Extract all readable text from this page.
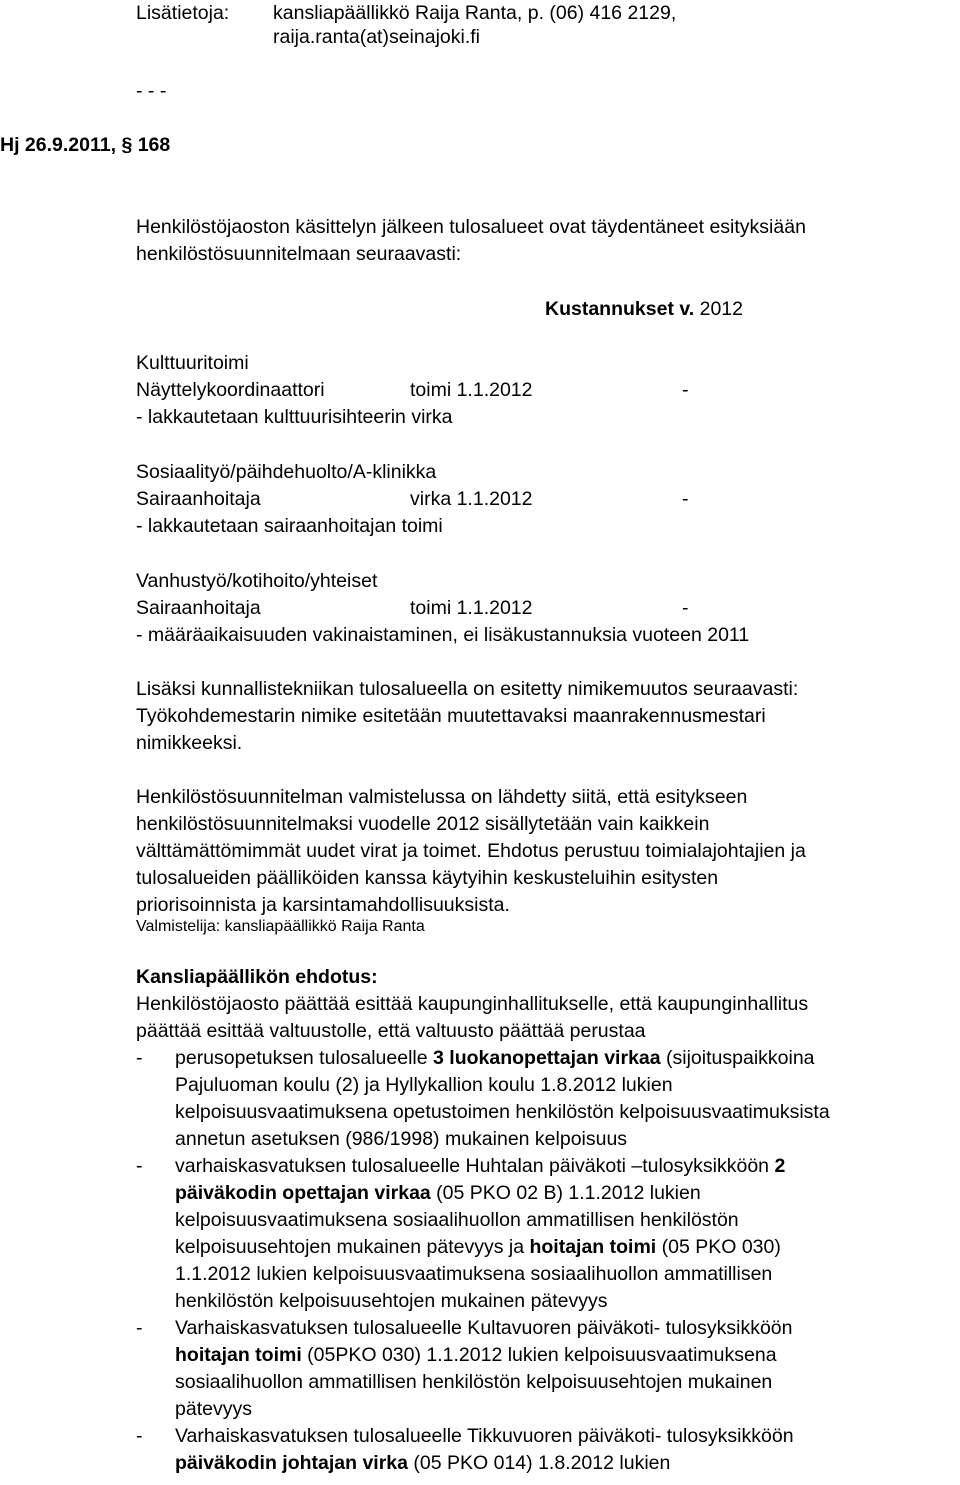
Lisätietoja: kansliapäällikkö Raija Ranta, p. (06) 416 2129,
raija.ranta(at)seinajoki.fi
- - -
Hj 26.9.2011, § 168
Henkilöstöjaoston käsittelyn jälkeen tulosalueet ovat täydentäneet esityksiään
henkilöstösuunnitelmaan seuraavasti:
Kustannukset v. 2012
Kulttuuritoimi
Näyttelykoordinaattori	toimi 1.1.2012	-
- lakkautetaan kulttuurisihteerin virka
Sosiaalityö/päihdehuolto/A-klinikka
Sairaanhoitaja	virka 1.1.2012	-
- lakkautetaan sairaanhoitajan toimi
Vanhustyö/kotihoito/yhteiset
Sairaanhoitaja	toimi 1.1.2012	-
- määräaikaisuuden vakinaistaminen, ei lisäkustannuksia vuoteen 2011
Lisäksi kunnallistekniikan tulosalueella on esitetty nimikemuutos seuraavasti:
Työkohdemestarin nimike esitetään muutettavaksi maanrakennusmestari
nimikkeeksi.
Henkilöstösuunnitelman valmistelussa on lähdetty siitä, että esitykseen
henkilöstösuunnitelmaksi vuodelle 2012 sisällytetään vain kaikkein
välttämättömimmät uudet virat ja toimet. Ehdotus perustuu toimialajohtajien ja
tulosalueiden päälliköiden kanssa käytyihin keskusteluihin esitysten
priorisoinnista ja karsintamahdollisuuksista.
Valmistelija: kansliapäällikkö Raija Ranta
Kansliapäällikön ehdotus:
Henkilöstöjaosto päättää esittää kaupunginhallitukselle, että kaupunginhallitus
päättää esittää valtuustolle, että valtuusto päättää perustaa
- perusopetuksen tulosalueelle 3 luokanopettajan virkaa (sijoituspaikkoina
Pajuluoman koulu (2) ja Hyllykallion koulu 1.8.2012 lukien
kelpoisuusvaatimuksena opetustoimen henkilöstön kelpoisuusvaatimuksista
annetun asetuksen (986/1998) mukainen kelpoisuus
- varhaiskasvatuksen tulosalueelle Huhtalan päiväkoti –tulosyksikköön 2
päiväkodin opettajan virkaa (05 PKO 02 B) 1.1.2012 lukien
kelpoisuusvaatimuksena sosiaalihuollon ammatillisen henkilöstön
kelpoisuusehtojen mukainen pätevyys ja hoitajan toimi (05 PKO 030)
1.1.2012 lukien kelpoisuusvaatimuksena sosiaalihuollon ammatillisen
henkilöstön kelpoisuusehtojen mukainen pätevyys
- Varhaiskasvatuksen tulosalueelle Kultavuoren päiväkoti- tulosyksikköön
hoitajan toimi (05PKO 030) 1.1.2012 lukien kelpoisuusvaatimuksena
sosiaalihuollon ammatillisen henkilöstön kelpoisuusehtojen mukainen
pätevyys
- Varhaiskasvatuksen tulosalueelle Tikkuvuoren päiväkoti- tulosyksikköön
päiväkodin johtajan virka (05 PKO 014) 1.8.2012 lukien
